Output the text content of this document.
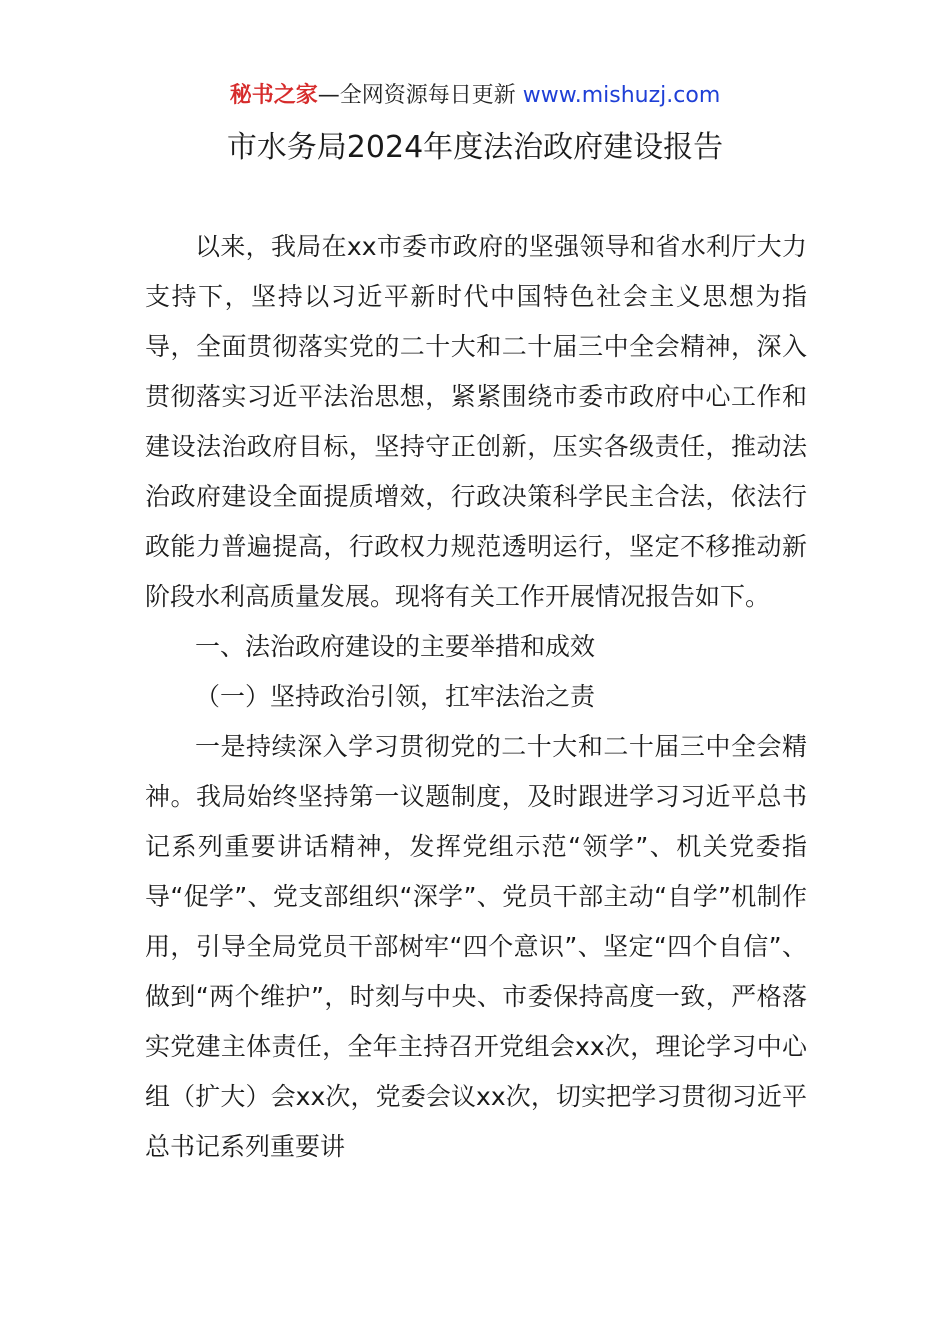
秘书之家—全网资源每日更新 www.mishuzj.com
市水务局2024年度法治政府建设报告

以来，我局在xx市委市政府的坚强领导和省水利厅大力支持下，坚持以习近平新时代中国特色社会主义思想为指导，全面贯彻落实党的二十大和二十届三中全会精神，深入贯彻落实习近平法治思想，紧紧围绕市委市政府中心工作和建设法治政府目标，坚持守正创新，压实各级责任，推动法治政府建设全面提质增效，行政决策科学民主合法，依法行政能力普遍提高，行政权力规范透明运行，坚定不移推动新阶段水利高质量发展。现将有关工作开展情况报告如下。

一、法治政府建设的主要举措和成效

（一）坚持政治引领，扛牢法治之责

一是持续深入学习贯彻党的二十大和二十届三中全会精神。我局始终坚持第一议题制度，及时跟进学习习近平总书记系列重要讲话精神，发挥党组示范“领学”、机关党委指导“促学”、党支部组织“深学”、党员干部主动“自学”机制作用，引导全局党员干部树牢“四个意识”、坚定“四个自信”、做到“两个维护”，时刻与中央、市委保持高度一致，严格落实党建主体责任，全年主持召开党组会xx次，理论学习中心组（扩大）会xx次，党委会议xx次，切实把学习贯彻习近平总书记系列重要讲
